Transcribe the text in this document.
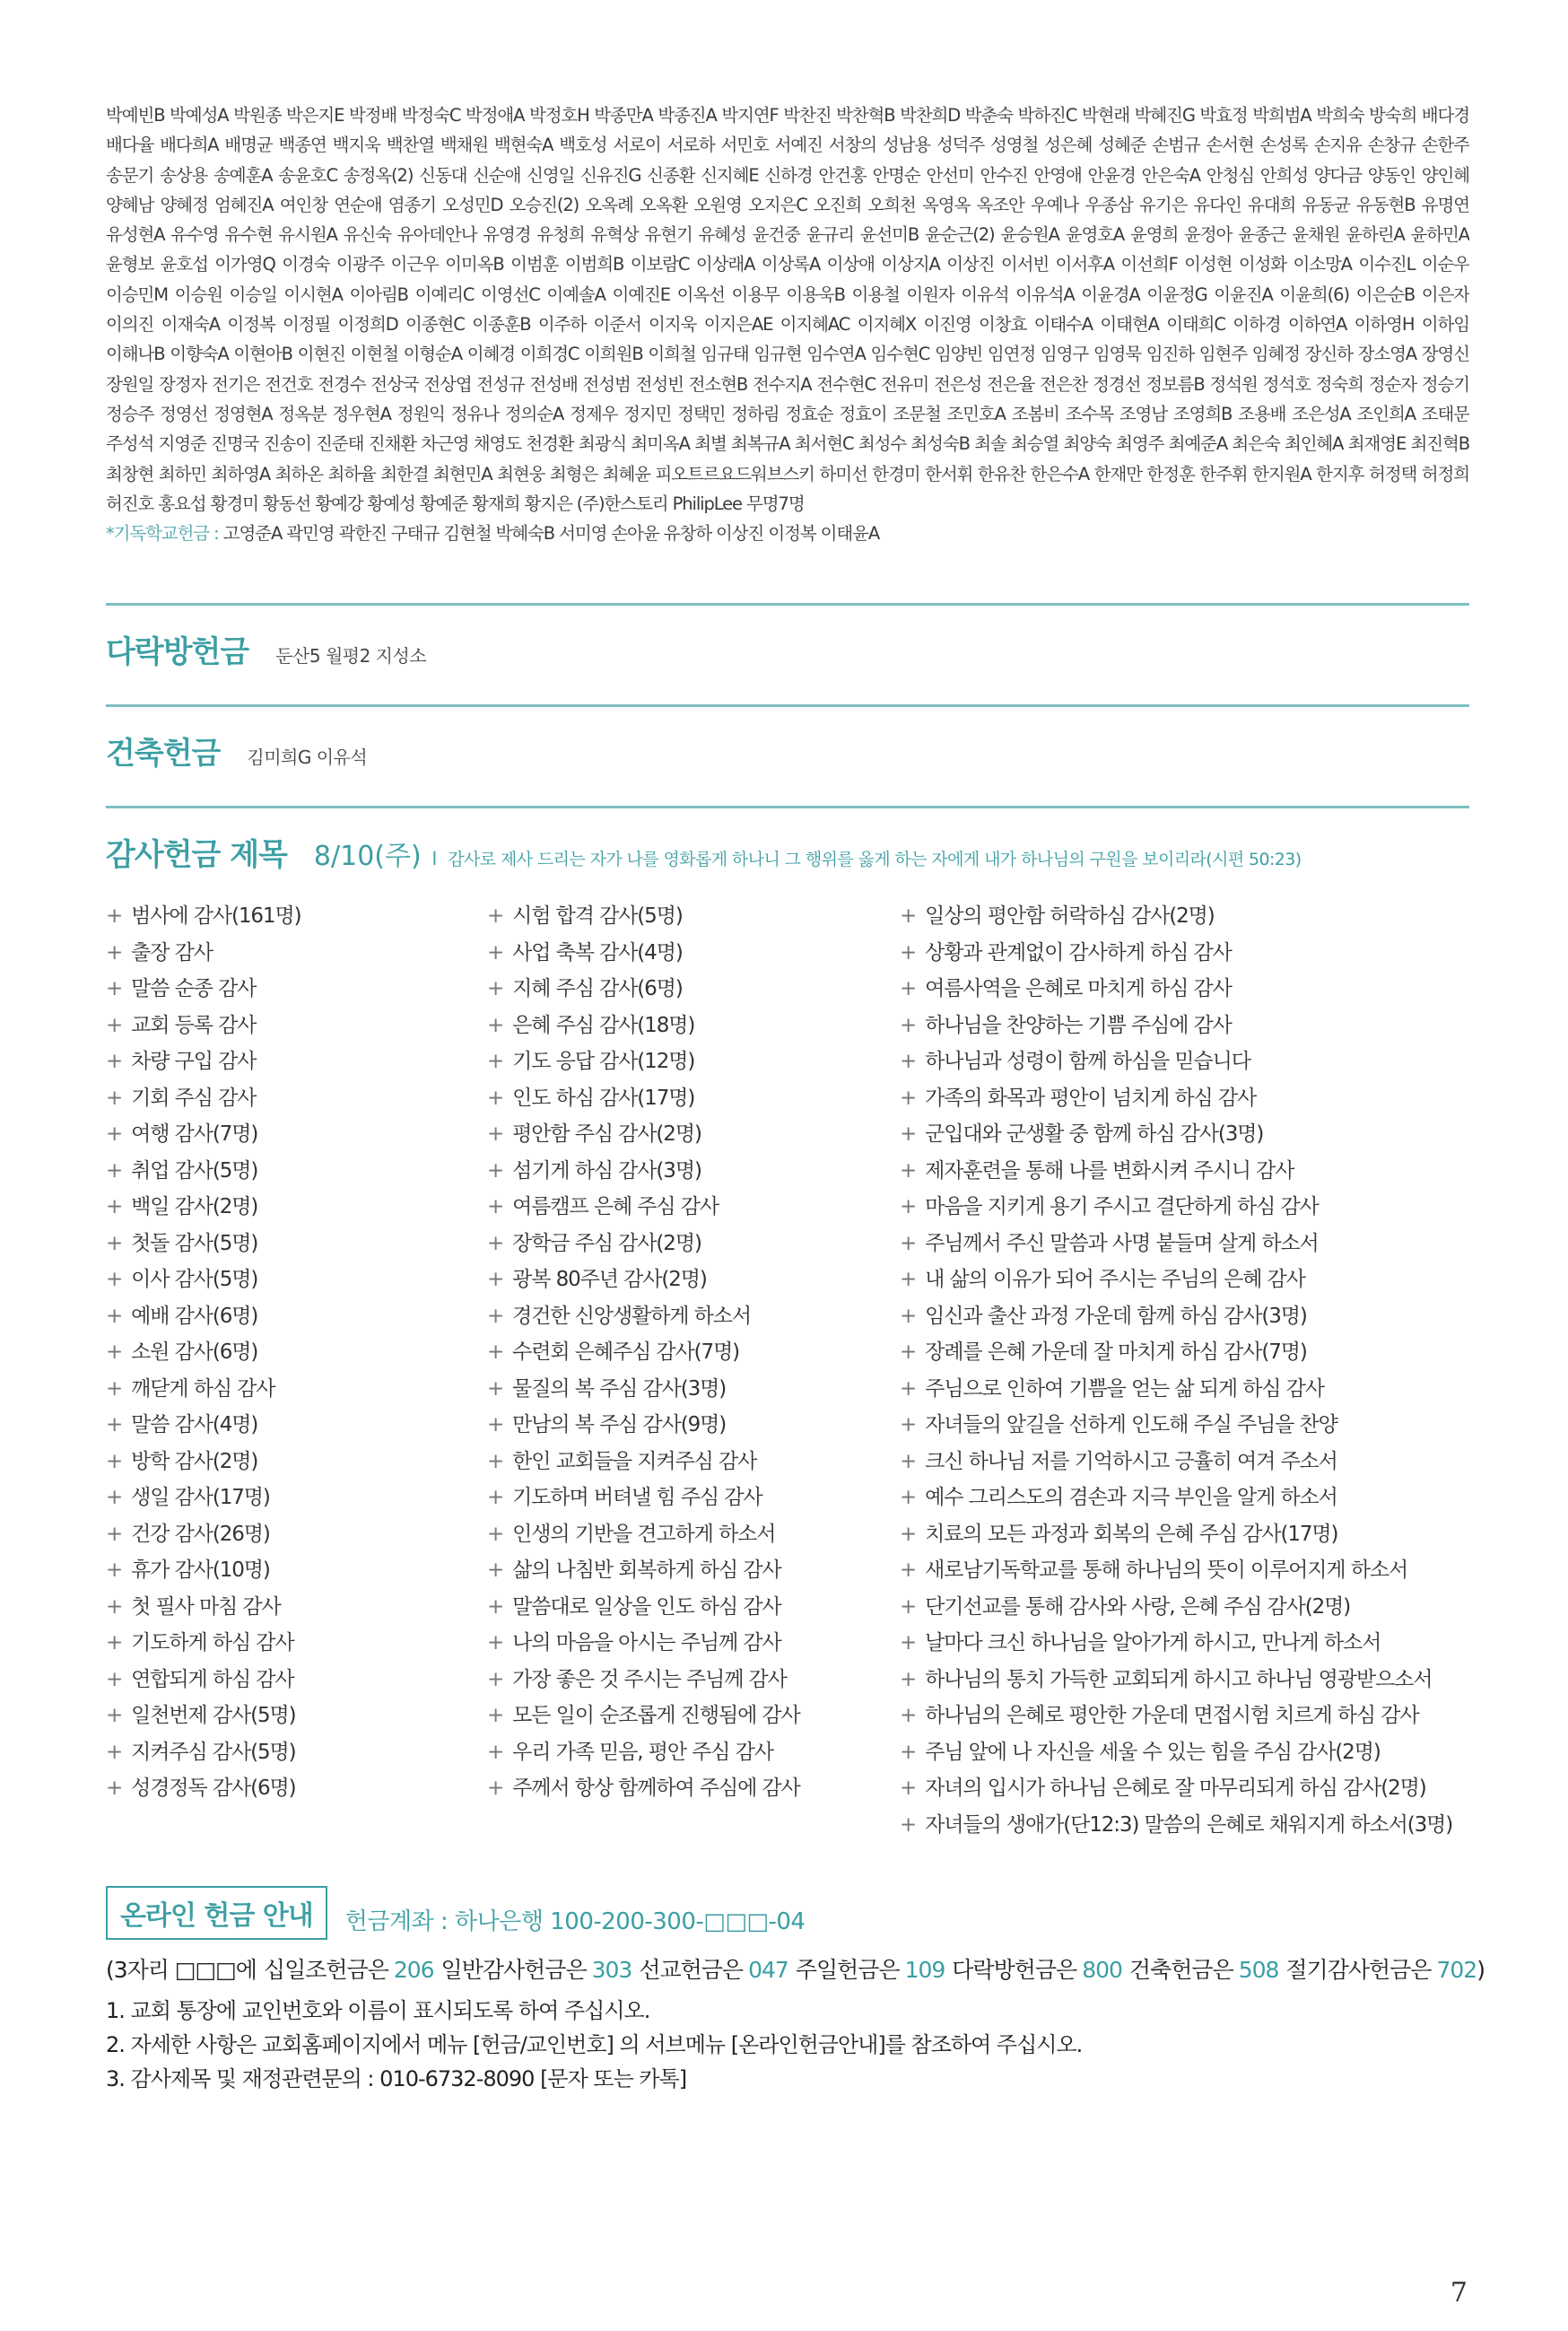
박예빈B 박예성A 박원종 박은지E 박정배 박정숙C 박정애A 박정호H 박종만A 박종진A 박지연F 박찬진 박찬혁B 박찬희D 박춘숙 박하진C 박현래 박혜진G 박효정 박희범A 박희숙 방숙희 배다경 배다율 배다희A 배명균 백종연 백지욱 백찬열 백채원 백현숙A 백호성 서로이 서로하 서민호 서예진 서창의 성남용 성덕주 성영철 성은혜 성혜준 손범규 손서현 손성록 손지유 손창규 손한주 송문기 송상용 송예훈A 송윤호C 송정옥(2) 신동대 신순애 신영일 신유진G 신종환 신지혜E 신하경 안건홍 안명순 안선미 안수진 안영애 안윤경 안은숙A 안청심 안희성 양다금 양동인 양인혜 양혜남 양혜정 엄혜진A 여인창 연순애 염종기 오성민D 오승진(2) 오옥례 오옥환 오원영 오지은C 오진희 오희천 옥영옥 옥조안 우예나 우종삼 유기은 유다인 유대희 유동균 유동현B 유명연 유성현A 유수영 유수현 유시원A 유신숙 유아데안나 유영경 유청희 유혁상 유현기 유혜성 윤건중 윤규리 윤선미B 윤순근(2) 윤승원A 윤영호A 윤영희 윤정아 윤종근 윤채원 윤하린A 윤하민A 윤형보 윤호섭 이가영Q 이경숙 이광주 이근우 이미옥B 이범훈 이범희B 이보람C 이상래A 이상록A 이상애 이상지A 이상진 이서빈 이서후A 이선희F 이성현 이성화 이소망A 이수진L 이순우 이승민M 이승원 이승일 이시현A 이아림B 이예리C 이영선C 이예솔A 이예진E 이옥선 이용무 이용욱B 이용철 이원자 이유석 이유석A 이윤경A 이윤정G 이윤진A 이윤희(6) 이은순B 이은자 이의진 이재숙A 이정복 이정필 이정희D 이종현C 이종훈B 이주하 이준서 이지욱 이지은AE 이지혜AC 이지혜X 이진영 이창효 이태수A 이태현A 이태희C 이하경 이하연A 이하영H 이하임 이해나B 이향숙A 이현아B 이현진 이현철 이형순A 이혜경 이희경C 이희원B 이희철 임규태 임규현 임수연A 임수현C 임양빈 임연정 임영구 임영묵 임진하 임현주 임혜정 장신하 장소영A 장영신 장원일 장정자 전기은 전건호 전경수 전상국 전상엽 전성규 전성배 전성범 전성빈 전소현B 전수지A 전수현C 전유미 전은성 전은율 전은찬 정경선 정보름B 정석원 정석호 정숙희 정순자 정승기 정승주 정영선 정영현A 정옥분 정우현A 정원익 정유나 정의순A 정제우 정지민 정택민 정하림 정효순 정효이 조문철 조민호A 조봄비 조수목 조영남 조영희B 조용배 조은성A 조인희A 조태문 주성석 지영준 진명국 진송이 진준태 진채환 차근영 채영도 천경환 최광식 최미옥A 최별 최복규A 최서현C 최성수 최성숙B 최솔 최승열 최양숙 최영주 최예준A 최은숙 최인혜A 최재영E 최진혁B 최창현 최하민 최하영A 최하온 최하율 최한결 최현민A 최현웅 최형은 최혜윤 피오트르요드워브스키 하미선 한경미 한서휘 한유찬 한은수A 한재만 한정훈 한주휘 한지원A 한지후 허정택 허정희 허진호 홍요섭 황경미 황동선 황예강 황예성 황예준 황재희 황지은 (주)한스토리 PhilipLee 무명7명
*기독학교헌금 : 고영준A 곽민영 곽한진 구태규 김현철 박혜숙B 서미영 손아윤 유창하 이상진 이정복 이태윤A
다락방헌금 둔산5 월평2 지성소
건축헌금 김미희G 이유석
감사헌금 제목 8/10(주) l 감사로 제사 드리는 자가 나를 영화롭게 하나니 그 행위를 옳게 하는 자에게 내가 하나님의 구원을 보이리라(시편 50:23)
+ 범사에 감사(161명)
+ 출장 감사
+ 말씀 순종 감사
+ 교회 등록 감사
+ 차량 구입 감사
+ 기회 주심 감사
+ 여행 감사(7명)
+ 취업 감사(5명)
+ 백일 감사(2명)
+ 첫돌 감사(5명)
+ 이사 감사(5명)
+ 예배 감사(6명)
+ 소원 감사(6명)
+ 깨닫게 하심 감사
+ 말씀 감사(4명)
+ 방학 감사(2명)
+ 생일 감사(17명)
+ 건강 감사(26명)
+ 휴가 감사(10명)
+ 첫 필사 마침 감사
+ 기도하게 하심 감사
+ 연합되게 하심 감사
+ 일천번제 감사(5명)
+ 지켜주심 감사(5명)
+ 성경정독 감사(6명)
+ 시험 합격 감사(5명)
+ 사업 축복 감사(4명)
+ 지혜 주심 감사(6명)
+ 은혜 주심 감사(18명)
+ 기도 응답 감사(12명)
+ 인도 하심 감사(17명)
+ 평안함 주심 감사(2명)
+ 섬기게 하심 감사(3명)
+ 여름캠프 은혜 주심 감사
+ 장학금 주심 감사(2명)
+ 광복 80주년 감사(2명)
+ 경건한 신앙생활하게 하소서
+ 수련회 은혜주심 감사(7명)
+ 물질의 복 주심 감사(3명)
+ 만남의 복 주심 감사(9명)
+ 한인 교회들을 지켜주심 감사
+ 기도하며 버텨낼 힘 주심 감사
+ 인생의 기반을 견고하게 하소서
+ 삶의 나침반 회복하게 하심 감사
+ 말씀대로 일상을 인도 하심 감사
+ 나의 마음을 아시는 주님께 감사
+ 가장 좋은 것 주시는 주님께 감사
+ 모든 일이 순조롭게 진행됨에 감사
+ 우리 가족 믿음, 평안 주심 감사
+ 주께서 항상 함께하여 주심에 감사
+ 일상의 평안함 허락하심 감사(2명)
+ 상황과 관계없이 감사하게 하심 감사
+ 여름사역을 은혜로 마치게 하심 감사
+ 하나님을 찬양하는 기쁨 주심에 감사
+ 하나님과 성령이 함께 하심을 믿습니다
+ 가족의 화목과 평안이 넘치게 하심 감사
+ 군입대와 군생활 중 함께 하심 감사(3명)
+ 제자훈련을 통해 나를 변화시켜 주시니 감사
+ 마음을 지키게 용기 주시고 결단하게 하심 감사
+ 주님께서 주신 말씀과 사명 붙들며 살게 하소서
+ 내 삶의 이유가 되어 주시는 주님의 은혜 감사
+ 임신과 출산 과정 가운데 함께 하심 감사(3명)
+ 장례를 은혜 가운데 잘 마치게 하심 감사(7명)
+ 주님으로 인하여 기쁨을 얻는 삶 되게 하심 감사
+ 자녀들의 앞길을 선하게 인도해 주실 주님을 찬양
+ 크신 하나님 저를 기억하시고 긍휼히 여겨 주소서
+ 예수 그리스도의 겸손과 지극 부인을 알게 하소서
+ 치료의 모든 과정과 회복의 은혜 주심 감사(17명)
+ 새로남기독학교를 통해 하나님의 뜻이 이루어지게 하소서
+ 단기선교를 통해 감사와 사랑, 은혜 주심 감사(2명)
+ 날마다 크신 하나님을 알아가게 하시고, 만나게 하소서
+ 하나님의 통치 가득한 교회되게 하시고 하나님 영광받으소서
+ 하나님의 은혜로 평안한 가운데 면접시험 치르게 하심 감사
+ 주님 앞에 나 자신을 세울 수 있는 힘을 주심 감사(2명)
+ 자녀의 입시가 하나님 은혜로 잘 마무리되게 하심 감사(2명)
+ 자녀들의 생애가(단12:3) 말씀의 은혜로 채워지게 하소서(3명)
온라인 헌금 안내	헌금계좌 : 하나은행 100-200-300-□□□-04
(3자리 □□□에 십일조헌금은 206 일반감사헌금은 303 선교헌금은 047 주일헌금은 109 다락방헌금은 800 건축헌금은 508 절기감사헌금은 702)
1. 교회 통장에 교인번호와 이름이 표시되도록 하여 주십시오.
2. 자세한 사항은 교회홈페이지에서 메뉴 [헌금/교인번호] 의 서브메뉴 [온라인헌금안내]를 참조하여 주십시오.
3. 감사제목 및 재정관련문의 : 010-6732-8090 [문자 또는 카톡]
7
